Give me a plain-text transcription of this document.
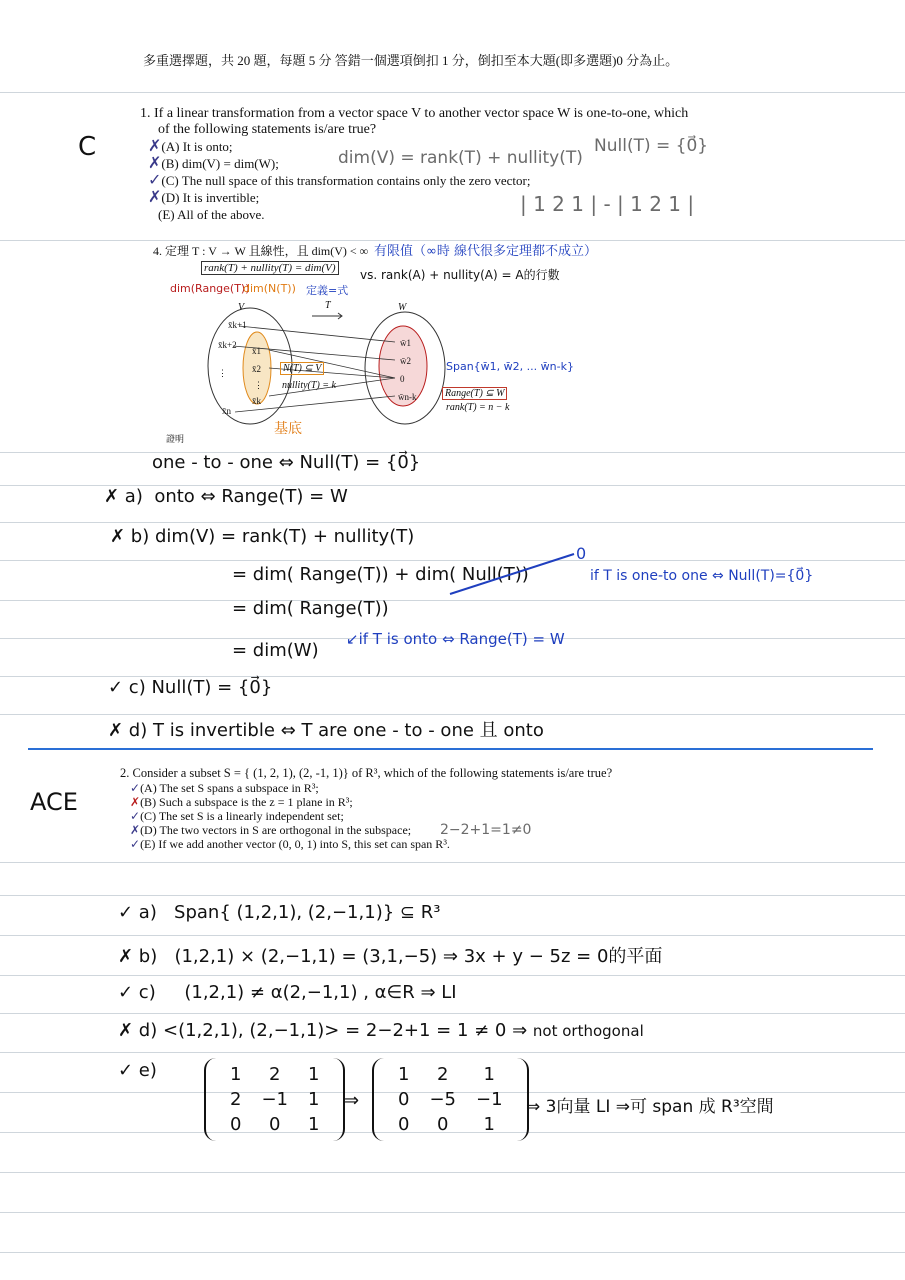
多重選擇題，共 20 題，每題 5 分 答錯一個選項倒扣 1 分，倒扣至本大題(即多選題)0 分為止。
C
1. If a linear transformation from a vector space V to another vector space W is one-to-one, which
of the following statements is/are true?
✗(A) It is onto;
✗(B) dim(V) = dim(W);
✓(C) The null space of this transformation contains only the zero vector;
✗(D) It is invertible;
(E) All of the above.
dim(V) = rank(T) + nullity(T)
Null(T) = {0⃗}
| 1 2 1 | - | 1 2 1 |
4. 定理 T : V → W 且線性，且 dim(V) < ∞ 有限值（∞時 線代很多定理都不成立）
rank(T) + nullity(T) = dim(V) vs. rank(A) + nullity(A) = A的行數
dim(Range(T))
dim(N(T)) 定義=式
V	T	W
x̄k+1
x̄k+2
⋮
x̄n
x̄1
x̄2
⋮
x̄k
N(T) ⊆ V
nullity(T) = k
w̄1
w̄2
0
w̄n-k
Span{w̄1, w̄2, ... w̄n-k}
Range(T) ⊆ W
rank(T) = n − k
基底
證明
one - to - one ⇔ Null(T) = {0⃗}
✗ a) onto ⇔ Range(T) = W
✗ b) dim(V) = rank(T) + nullity(T)
= dim( Range(T)) + dim( Null(T))
0
if T is one-to one ⇔ Null(T)={0⃗}
= dim( Range(T))
= dim(W)
↙if T is onto ⇔ Range(T) = W
✓ c) Null(T) = {0⃗}
✗ d) T is invertible ⇔ T are one - to - one 且 onto
ACE
2. Consider a subset S = { (1, 2, 1), (2, -1, 1)} of R³, which of the following statements is/are true?
✓(A) The set S spans a subspace in R³;
✗(B) Such a subspace is the z = 1 plane in R³;
✓(C) The set S is a linearly independent set;
✗(D) The two vectors in S are orthogonal in the subspace;
✓(E) If we add another vector (0, 0, 1) into S, this set can span R³.
2−2+1=1≠0
✓ a) Span{ (1,2,1), (2,−1,1)} ⊆ R³
✗ b) (1,2,1) × (2,−1,1) = (3,1,−5) ⇒ 3x + y − 5z = 0的平面
✓ c) (1,2,1) ≠ α(2,−1,1) , α∈R ⇒ LI
✗ d) <(1,2,1), (2,−1,1)> = 2−2+1 = 1 ≠ 0 ⇒ not orthogonal
✓ e)	1	2	1
2	−1	1
0	0	1
⇒
1	2	1
0	−5	−1
0	0	1
⇒ 3向量 LI ⇒可 span 成 R³空間
